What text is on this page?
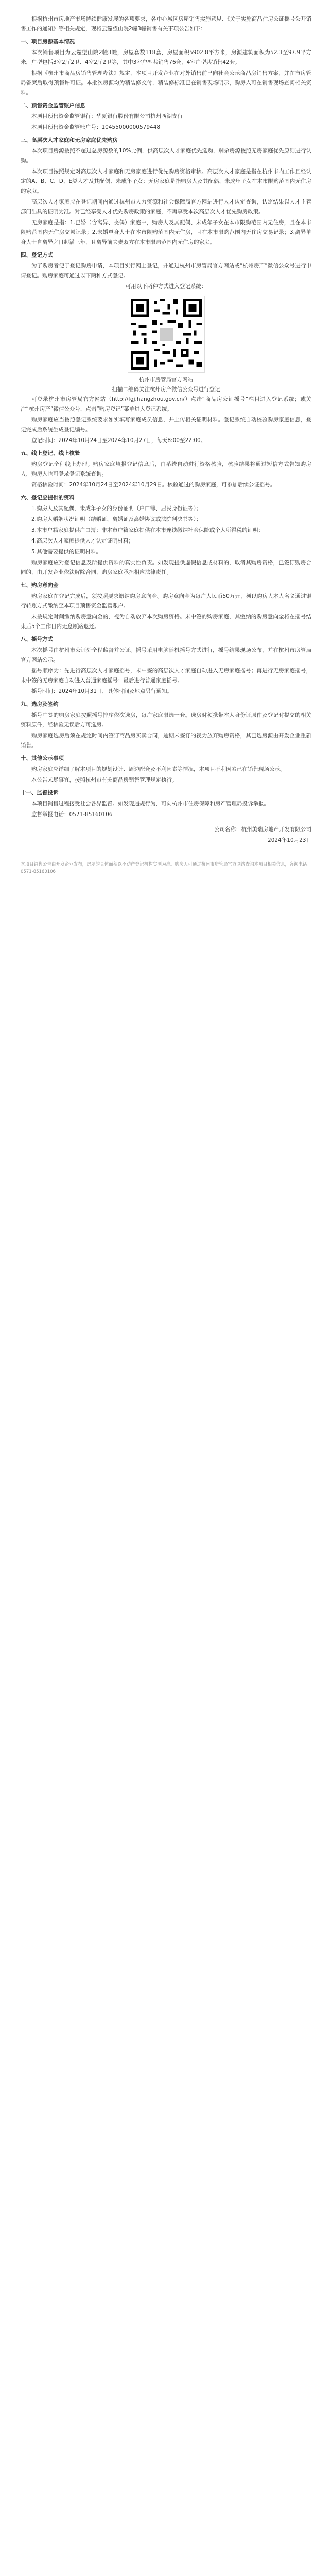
根据杭州市房地产市场持续健康发展的各项要求，各中心城区房屋销售实施意见、《关于实施商品住房公证摇号公开销售工作的通知》等相关规定，现将云麓望山院2幢3幢销售有关事项公告如下：

一、项目房源基本情况

本次销售项目为云麓望山院2幢3幢，房屋套数118套，房屋面积5902.8平方米，房源建筑面积为52.3至97.9平方米，户型包括3室2厅2卫、4室2厅2卫等，其中3室户型共销售76套，4室户型共销售42套。

根据《杭州市商品房销售管理办法》规定，本项目开发企业在对外销售前已向社会公示商品房销售方案，并在市房管局备案后取得预售许可证。本批次房源均为精装修交付，精装修标准已在销售现场明示，购房人可在销售现场查阅相关资料。

二、预售资金监管账户信息

本项目预售资金监管银行：华夏银行股份有限公司杭州西湖支行

本项目预售资金监管账户号：10455000000579448

三、高层次人才家庭和无房家庭优先购房

本次项目房源按照不超过总房源数的10%比例，供高层次人才家庭优先选购，剩余房源按照无房家庭优先原则进行认购。

本次项目按照规定对高层次人才家庭和无房家庭进行优先购房资格审核。高层次人才家庭是指在杭州市内工作且经认定的A、B、C、D、E类人才及其配偶、未成年子女；无房家庭是指购房人及其配偶、未成年子女在本市限购范围内无住房的家庭。

高层次人才家庭应在登记期间内通过杭州市人力资源和社会保障局官方网站进行人才认定查询，认定结果以人才主管部门出具的证明为准。对已经享受人才优先购房政策的家庭，不再享受本次高层次人才优先购房政策。

无房家庭是指：1.已婚（含离异、丧偶）家庭中，购房人及其配偶、未成年子女在本市限购范围内无住房，且在本市限购范围内无住房交易记录；2.未婚单身人士在本市限购范围内无住房，且在本市限购范围内无住房交易记录；3.离异单身人士自离异之日起满三年，且离异前夫妻双方在本市限购范围内无住房的家庭。

四、登记方式

为了购房者便于登记购房申请，本项目实行网上登记，并通过杭州市房管局官方网站或“杭州房产”微信公众号进行申请登记。购房家庭可通过以下两种方式登记。

可用以下两种方式进入登记系统：

杭州市房管局官方网站

扫描二维码关注杭州房产微信公众号进行登记

可登录杭州市房管局官方网站（http://fgj.hangzhou.gov.cn/）点击“商品房公证摇号”栏目进入登记系统；或关注“杭州房产”微信公众号，点击“购房登记”菜单进入登记系统。

购房家庭应当按照登记系统要求如实填写家庭成员信息，并上传相关证明材料。登记系统自动校验购房家庭信息，登记完成后系统生成登记编号。

登记时间：2024年10月24日至2024年10月27日，每天8:00至22:00。

五、线上登记、线上核验

购房登记全程线上办理。购房家庭填报登记信息后，由系统自动进行资格核验，核验结果将通过短信方式告知购房人，购房人也可登录登记系统查询。

资格核验时间：2024年10月24日至2024年10月29日。核验通过的购房家庭，可参加后续公证摇号。

六、登记应提供的资料

1.购房人及其配偶、未成年子女的身份证明（户口簿、居民身份证等）；

2.购房人婚姻状况证明（结婚证、离婚证及离婚协议或法院判决书等）；

3.本市户籍家庭提供户口簿；非本市户籍家庭提供在本市连续缴纳社会保险或个人所得税的证明；

4.高层次人才家庭提供人才认定证明材料；

5.其他需要提供的证明材料。

购房家庭应对登记信息及所提供资料的真实性负责。如发现提供虚假信息或材料的，取消其购房资格，已签订购房合同的，由开发企业依法解除合同，购房家庭承担相应法律责任。

七、购房意向金

购房家庭在登记完成后，须按照要求缴纳购房意向金。购房意向金为每户人民币50万元，须以购房人本人名义通过银行转账方式缴纳至本项目预售资金监管账户。

未按规定时间缴纳购房意向金的，视为自动放弃本次购房资格。未中签的购房家庭，其缴纳的购房意向金将在摇号结束后5个工作日内无息原路退还。

八、摇号方式

本次摇号由杭州市公证处全程监督并公证。摇号采用电脑随机摇号方式进行，摇号结果现场公布，并在杭州市房管局官方网站公示。

摇号顺序为：先进行高层次人才家庭摇号，未中签的高层次人才家庭自动进入无房家庭摇号；再进行无房家庭摇号，未中签的无房家庭自动进入普通家庭摇号；最后进行普通家庭摇号。

摇号时间：2024年10月31日，具体时间及地点另行通知。

九、选房及签约

摇号中签的购房家庭按照摇号排序依次选房，每户家庭限选一套。选房时须携带本人身份证原件及登记时提交的相关资料原件，经核验无误后方可选房。

购房家庭选房后须在规定时间内签订商品房买卖合同，逾期未签订的视为放弃购房资格，其已选房源由开发企业重新销售。

十、其他公示事项

购房家庭应详细了解本项目的规划设计、周边配套及不利因素等情况，本项目不利因素已在销售现场公示。

本公告未尽事宜，按照杭州市有关商品房销售管理规定执行。

十一、监督投诉

本项目销售过程接受社会各界监督。如发现违规行为，可向杭州市住房保障和房产管理局投诉举报。

监督举报电话：0571-85160106

公司名称：杭州美瑞房地产开发有限公司

2024年10月23日

本项目销售公告由开发企业发布，房屋的具体面积以不动产登记机构实测为准。购房人可通过杭州市房管局官方网站查询本项目相关信息，咨询电话：0571-85160106。
